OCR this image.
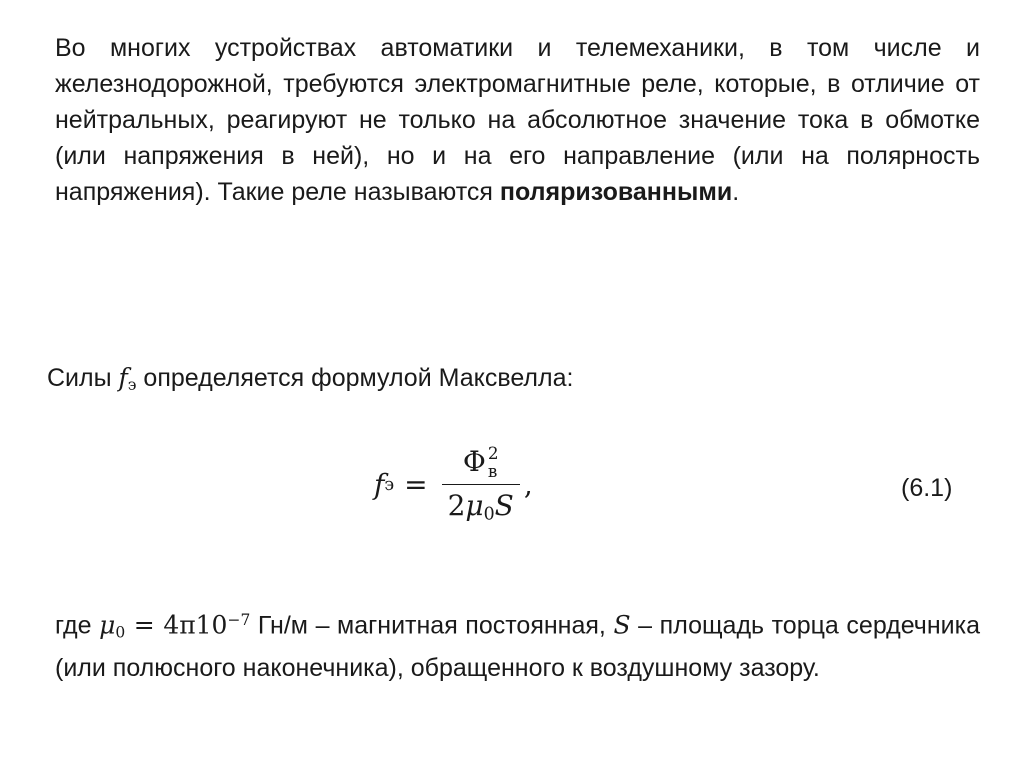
Во многих устройствах автоматики и телемеханики, в том числе и железнодорожной, требуются электромагнитные реле, которые, в отличие от нейтральных, реагируют не только на абсолютное значение тока в обмотке (или напряжения в ней), но и на его направление (или на полярность напряжения). Такие реле называются поляризованными.

Силы $f_э$ определяется формулой Максвелла:

f э = Φ 2
в
$2\mu_0S$ ,	(6.1)

где $\mu_0 = 4\pi 10^{-7}$ Гн/м – магнитная постоянная, S – площадь торца сердечника (или полюсного наконечника), обращенного к воздушному зазору.
